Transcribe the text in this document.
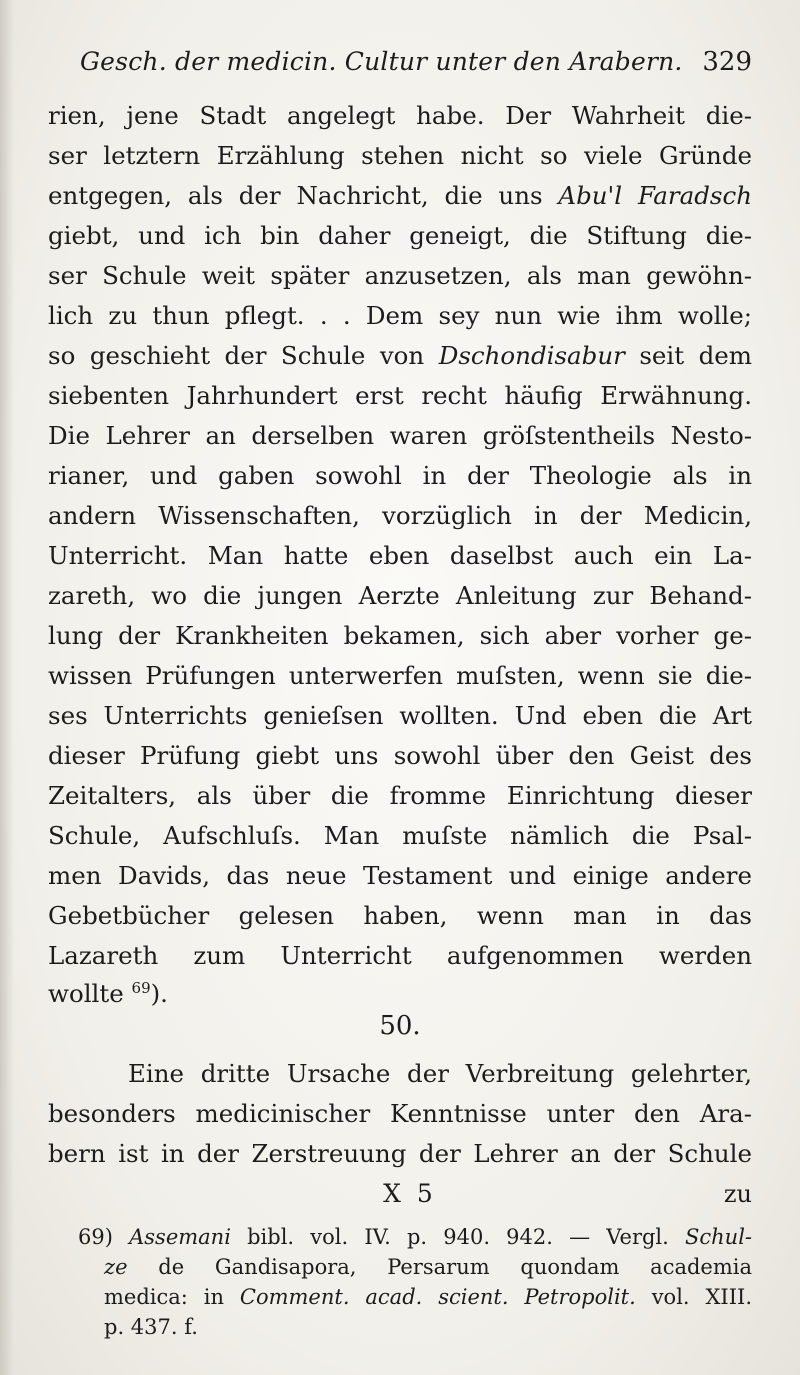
Gesch. der medicin. Cultur unter den Arabern. 329
rien, jene Stadt angelegt habe. Der Wahrheit die-
ser letztern Erzählung stehen nicht so viele Gründe
entgegen, als der Nachricht, die uns Abu'l Faradsch
giebt, und ich bin daher geneigt, die Stiftung die-
ser Schule weit später anzusetzen, als man gewöhn-
lich zu thun pflegt. . . Dem sey nun wie ihm wolle;
so geschieht der Schule von Dschondisabur seit dem
siebenten Jahrhundert erst recht häufig Erwähnung.
Die Lehrer an derselben waren gröſstentheils Nesto-
rianer, und gaben sowohl in der Theologie als in
andern Wissenschaften, vorzüglich in der Medicin,
Unterricht. Man hatte eben daselbst auch ein La-
zareth, wo die jungen Aerzte Anleitung zur Behand-
lung der Krankheiten bekamen, sich aber vorher ge-
wissen Prüfungen unterwerfen muſsten, wenn sie die-
ses Unterrichts genieſsen wollten. Und eben die Art
dieser Prüfung giebt uns sowohl über den Geist des
Zeitalters, als über die fromme Einrichtung dieser
Schule, Aufschluſs. Man muſste nämlich die Psal-
men Davids, das neue Testament und einige andere
Gebetbücher gelesen haben, wenn man in das
Lazareth zum Unterricht aufgenommen werden
wollte $^{69}$).
50.
Eine dritte Ursache der Verbreitung gelehrter,
besonders medicinischer Kenntnisse unter den Ara-
bern ist in der Zerstreuung der Lehrer an der Schule
X 5	zu
69) Assemani bibl. vol. IV. p. 940. 942. — Vergl. Schul-
ze de Gandisapora, Persarum quondam academia
medica: in Comment. acad. scient. Petropolit. vol. XIII.
p. 437. f.
